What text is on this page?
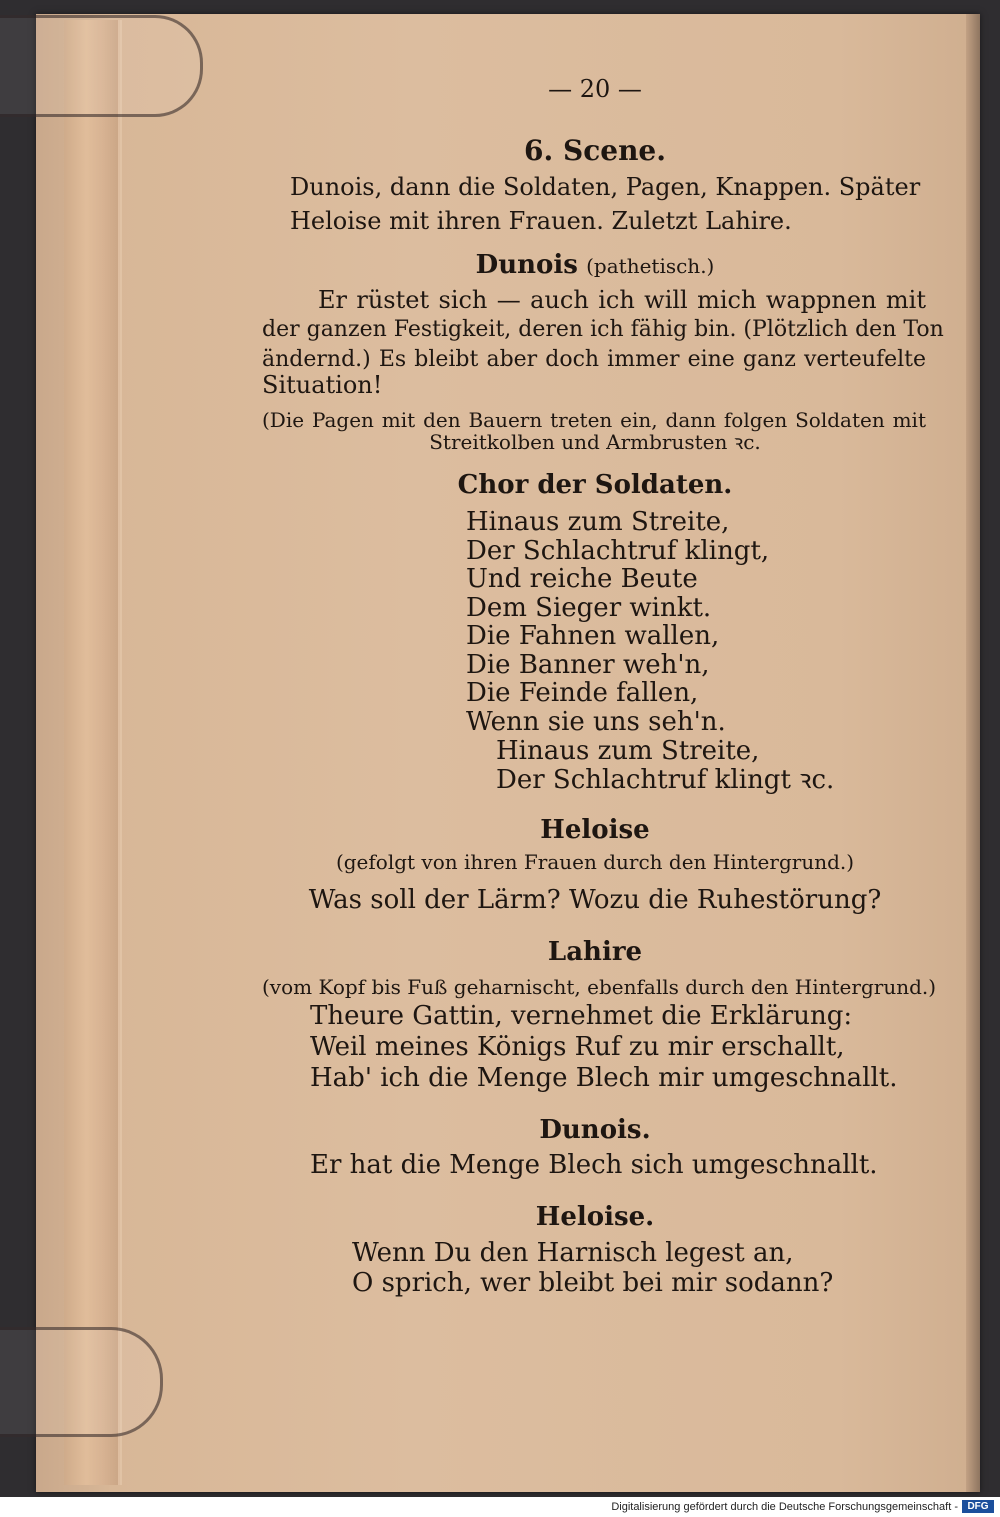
— 20 —
6. Scene.
Dunois, dann die Soldaten, Pagen, Knappen. Später
Heloise mit ihren Frauen. Zuletzt Lahire.
Dunois (pathetisch.)
Er rüstet sich — auch ich will mich wappnen mit
der ganzen Festigkeit, deren ich fähig bin. (Plötzlich den Ton
ändernd.) Es bleibt aber doch immer eine ganz verteufelte
Situation!
(Die Pagen mit den Bauern treten ein, dann folgen Soldaten mit
Streitkolben und Armbrusten ꝛc.
Chor der Soldaten.
Hinaus zum Streite,
Der Schlachtruf klingt,
Und reiche Beute
Dem Sieger winkt.
Die Fahnen wallen,
Die Banner weh'n,
Die Feinde fallen,
Wenn sie uns seh'n.
Hinaus zum Streite,
Der Schlachtruf klingt ꝛc.
Heloise
(gefolgt von ihren Frauen durch den Hintergrund.)
Was soll der Lärm? Wozu die Ruhestörung?
Lahire
(vom Kopf bis Fuß geharnischt, ebenfalls durch den Hintergrund.)
Theure Gattin, vernehmet die Erklärung:
Weil meines Königs Ruf zu mir erschallt,
Hab' ich die Menge Blech mir umgeschnallt.
Dunois.
Er hat die Menge Blech sich umgeschnallt.
Heloise.
Wenn Du den Harnisch legest an,
O sprich, wer bleibt bei mir sodann?
Digitalisierung gefördert durch die Deutsche Forschungsgemeinschaft - DFG
